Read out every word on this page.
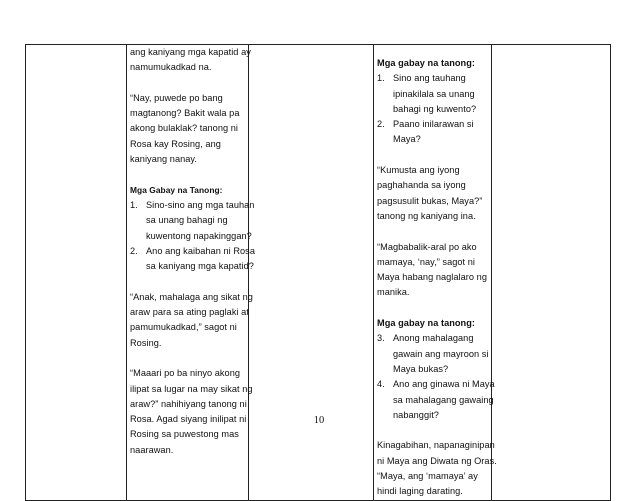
ang kaniyang mga kapatid ay
namumukadkad na.
“Nay, puwede po bang
magtanong? Bakit wala pa
akong bulaklak? tanong ni
Rosa kay Rosing, ang
kaniyang nanay.
Mga Gabay na Tanong:
1. Sino-sino ang mga tauhan
sa unang bahagi ng
kuwentong napakinggan?
2. Ano ang kaibahan ni Rosa
sa kaniyang mga kapatid?
“Anak, mahalaga ang sikat ng
araw para sa ating paglaki at
pamumukadkad,” sagot ni
Rosing.
“Maaari po ba ninyo akong
ilipat sa lugar na may sikat ng
araw?” nahihiyang tanong ni
Rosa. Agad siyang inilipat ni
Rosing sa puwestong mas
naarawan.

Mga gabay na tanong:
1. Sino ang tauhang
ipinakilala sa unang
bahagi ng kuwento?
2. Paano inilarawan si
Maya?
“Kumusta ang iyong
paghahanda sa iyong
pagsusulit bukas, Maya?”
tanong ng kaniyang ina.
“Magbabalik-aral po ako
mamaya, ‘nay,” sagot ni
Maya habang naglalaro ng
manika.
Mga gabay na tanong:
3. Anong mahalagang
gawain ang mayroon si
Maya bukas?
4. Ano ang ginawa ni Maya
sa mahalagang gawaing
nabanggit?
Kinagabihan, napanaginipan
ni Maya ang Diwata ng Oras.
“Maya, ang ‘mamaya’ ay
hindi laging darating.

10
